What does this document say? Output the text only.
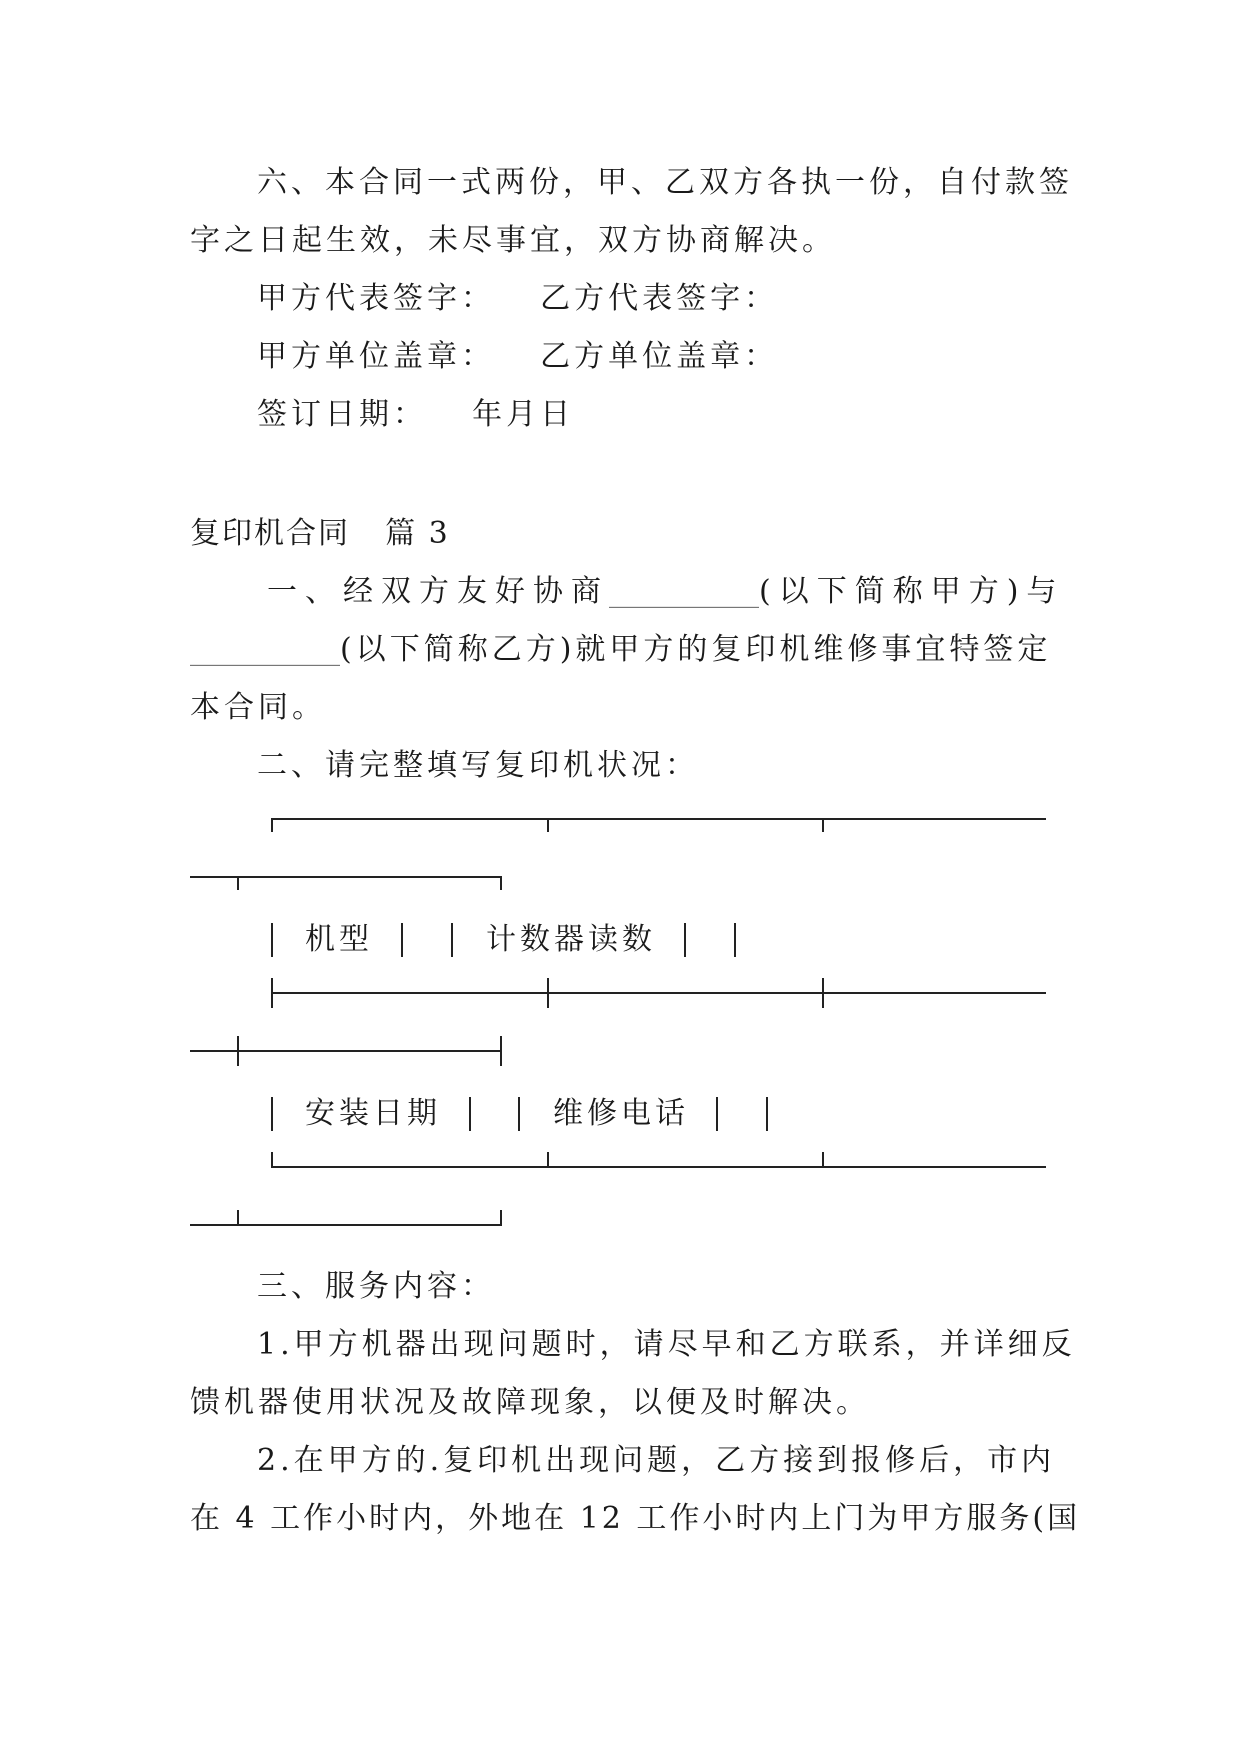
六、本合同一式两份，甲、乙双方各执一份，自付款签
字之日起生效，未尽事宜，双方协商解决。
甲方代表签字： 乙方代表签字：
甲方单位盖章： 乙方单位盖章：
签订日期： 年月日
复印机合同 篇 3
一、经双方友好协商__________(以下简称甲方)与
__________(以下简称乙方)就甲方的复印机维修事宜特签定
本合同。
二、请完整填写复印机状况：
机型	计数器读数
安装日期	维修电话
三、服务内容：
1.甲方机器出现问题时，请尽早和乙方联系，并详细反
馈机器使用状况及故障现象，以便及时解决。
2.在甲方的.复印机出现问题，乙方接到报修后，市内
在 4 工作小时内，外地在 12 工作小时内上门为甲方服务(国
